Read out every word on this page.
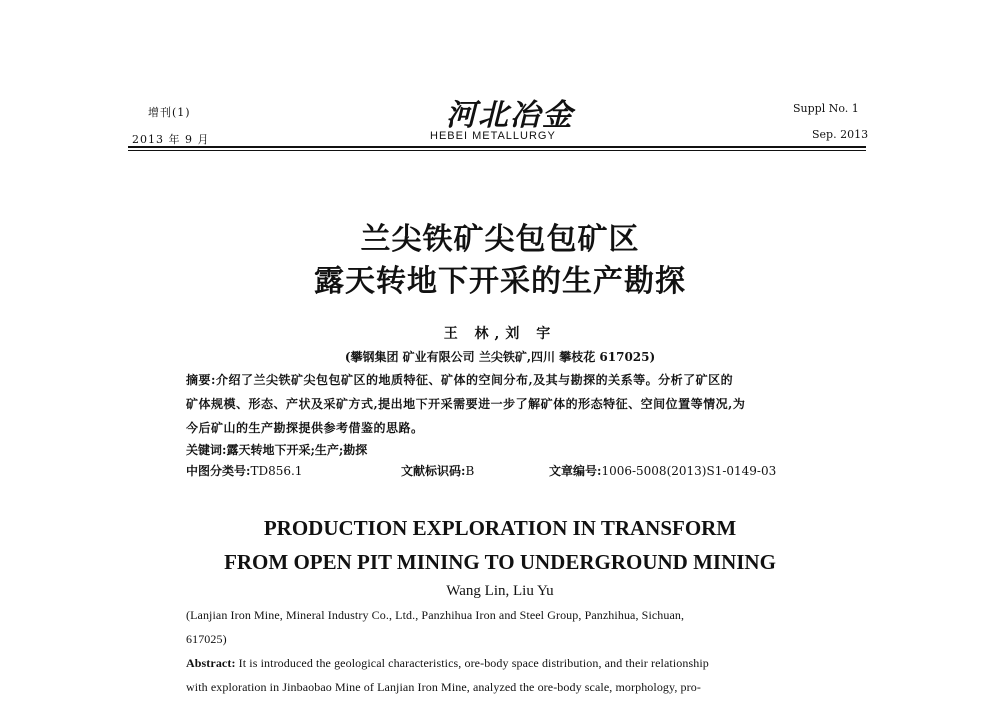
增刊(1)
2013 年 9 月
河北冶金
HEBEI METALLURGY
Suppl No. 1
Sep. 2013
兰尖铁矿尖包包矿区
露天转地下开采的生产勘探
王 林,刘 宇
(攀钢集团 矿业有限公司 兰尖铁矿,四川 攀枝花 617025)
摘要:介绍了兰尖铁矿尖包包矿区的地质特征、矿体的空间分布,及其与勘探的关系等。分析了矿区的
矿体规模、形态、产状及采矿方式,提出地下开采需要进一步了解矿体的形态特征、空间位置等情况,为
今后矿山的生产勘探提供参考借鉴的思路。
关键词:露天转地下开采;生产;勘探
中图分类号:TD856.1	文献标识码:B	文章编号:1006-5008(2013)S1-0149-03
PRODUCTION EXPLORATION IN TRANSFORM
FROM OPEN PIT MINING TO UNDERGROUND MINING
Wang Lin, Liu Yu
(Lanjian Iron Mine, Mineral Industry Co., Ltd., Panzhihua Iron and Steel Group, Panzhihua, Sichuan,
617025)
Abstract: It is introduced the geological characteristics, ore-body space distribution, and their relationship
with exploration in Jinbaobao Mine of Lanjian Iron Mine, analyzed the ore-body scale, morphology, pro-
